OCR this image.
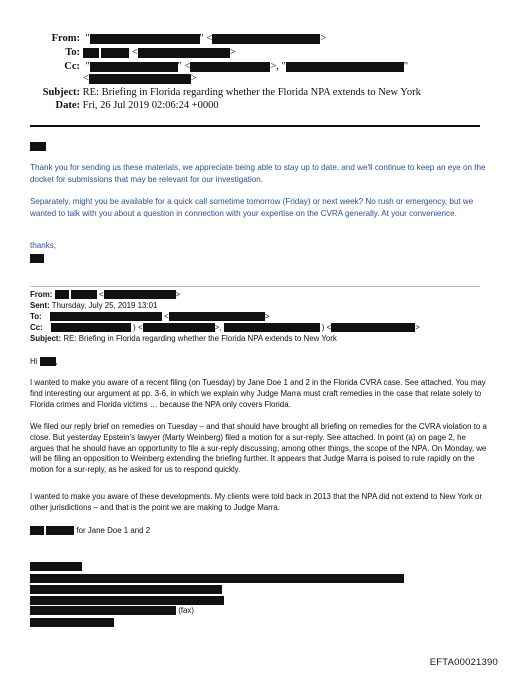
From:  "	" <	>
To:	<	>
Cc:  "	" <	>, "	"
<	>
Subject: RE: Briefing in Florida regarding whether the Florida NPA extends to New York
Date: Fri, 26 Jul 2019 02:06:24 +0000
Thank you for sending us these materials, we appreciate being able to stay up to date, and we'll continue to keep an eye on the docket for submissions that may be relevant for our investigation.
Separately, might you be available for a quick call sometime tomorrow (Friday) or next week? No rush or emergency, but we wanted to talk with you about a question in connection with your expertise on the CVRA generally. At your convenience.
thanks,
From:	<	>
Sent: Thursday, July 25, 2019 13:01
To:	<	>
Cc:	) <	>,	) <	>
Subject: RE: Briefing in Florida regarding whether the Florida NPA extends to New York
Hi ,

I wanted to make you aware of a recent filing (on Tuesday) by Jane Doe 1 and 2 in the Florida CVRA case. See attached. You may find interesting our argument at pp. 3-6, in which we explain why Judge Marra must craft remedies in the case that relate solely to Florida crimes and Florida victims … because the NPA only covers Florida.

We filed our reply brief on remedies on Tuesday – and that should have brought all briefing on remedies for the CVRA violation to a close. But yesterday Epstein's lawyer (Marty Weinberg) filed a motion for a sur-reply. See attached. In point (a) on page 2, he argues that he should have an opportunity to file a sur-reply discussing, among other things, the scope of the NPA. On Monday, we will be filing an opposition to Weinberg extending the briefing further. It appears that Judge Marra is poised to rule rapidly on the motion for a sur-reply, as he asked for us to respond quickly.

I wanted to make you aware of these developments. My clients were told back in 2013 that the NPA did not extend to New York or other jurisdictions – and that is the point we are making to Judge Marra.

for Jane Doe 1 and 2
(fax)
EFTA00021390
